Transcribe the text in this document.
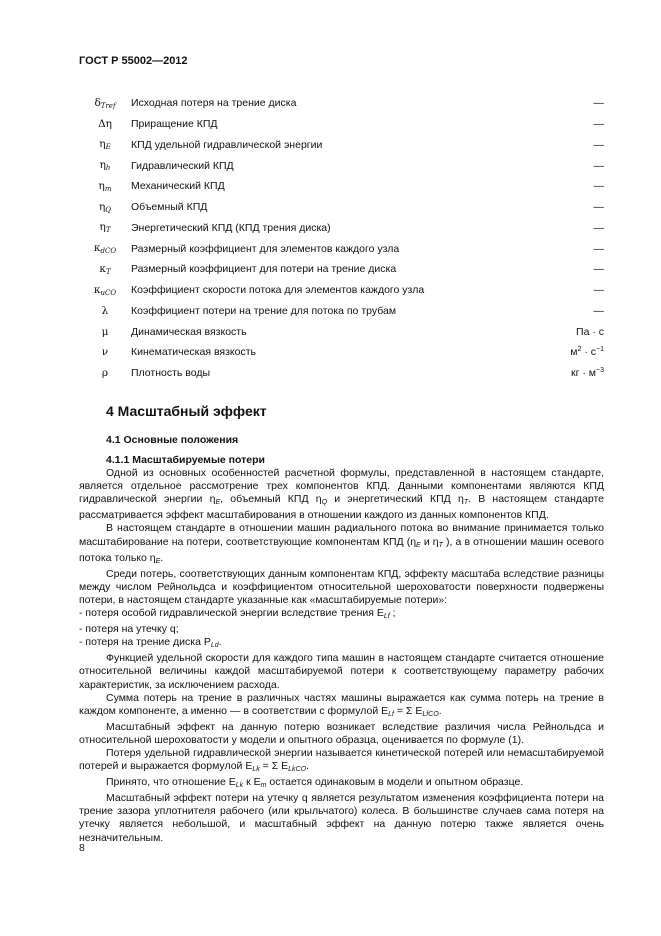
ГОСТ Р 55002—2012
$\delta_{Tref}$	Исходная потеря на трение диска	—
Δη	Приращение КПД	—
$\eta_E$	КПД удельной гидравлической энергии	—
$\eta_h$	Гидравлический КПД	—
$\eta_m$	Механический КПД	—
$\eta_Q$	Объемный КПД	—
$\eta_T$	Энергетический КПД (КПД трения диска)	—
$\kappa_{dCO}$	Размерный коэффициент для элементов каждого узла	—
$\kappa_T$	Размерный коэффициент для потери на трение диска	—
$\kappa_{uCO}$	Коэффициент скорости потока для элементов каждого узла	—
λ	Коэффициент потери на трение для потока по трубам	—
μ	Динамическая вязкость	Па · с
ν	Кинематическая вязкость	$м^2 \cdot с^{-1}$
ρ	Плотность воды	кг · $м^{-3}$
4 Масштабный эффект
4.1 Основные положения

4.1.1 Масштабируемые потери

Одной из основных особенностей расчетной формулы, представленной в настоящем стандарте, является отдельное рассмотрение трех компонентов КПД. Данными компонентами являются КПД гидравлической энергии $\eta_E$, объемный КПД $\eta_Q$ и энергетический КПД $\eta_T$. В настоящем стандарте рассматривается эффект масштабирования в отношении каждого из данных компонентов КПД.

В настоящем стандарте в отношении машин радиального потока во внимание принимается только масштабирование на потери, соответствующие компонентам КПД ($\eta_E$ и $\eta_T$ ), а в отношении машин осевого потока только $\eta_E$.

Среди потерь, соответствующих данным компонентам КПД, эффекту масштаба вследствие разницы между числом Рейнольдса и коэффициентом относительной шероховатости поверхности подвержены потери, в настоящем стандарте указанные как «масштабируемые потери»:

- потеря особой гидравлической энергии вследствие трения $E_{Lf}$ ;

- потеря на утечку q;

- потеря на трение диска $P_{Ld}$.

Функцией удельной скорости для каждого типа машин в настоящем стандарте считается отношение относительной величины каждой масштабируемой потери к соответствующему параметру рабочих характеристик, за исключением расхода.

Сумма потерь на трение в различных частях машины выражается как сумма потерь на трение в каждом компоненте, а именно — в соответствии с формулой $E_{Lf} = \Sigma$ $E_{LfCO}$.

Масштабный эффект на данную потерю возникает вследствие различия числа Рейнольдса и относительной шероховатости у модели и опытного образца, оценивается по формуле (1).

Потеря удельной гидравлической энергии называется кинетической потерей или немасштабируемой потерей и выражается формулой $E_{Lk} = \Sigma$ $E_{LkCO}$.

Принято, что отношение $E_{Lk}$ к $E_m$ остается одинаковым в модели и опытном образце.

Масштабный эффект потери на утечку q является результатом изменения коэффициента потери на трение зазора уплотнителя рабочего (или крыльчатого) колеса. В большинстве случаев сама потеря на утечку является небольшой, и масштабный эффект на данную потерю также является очень незначительным.

8
